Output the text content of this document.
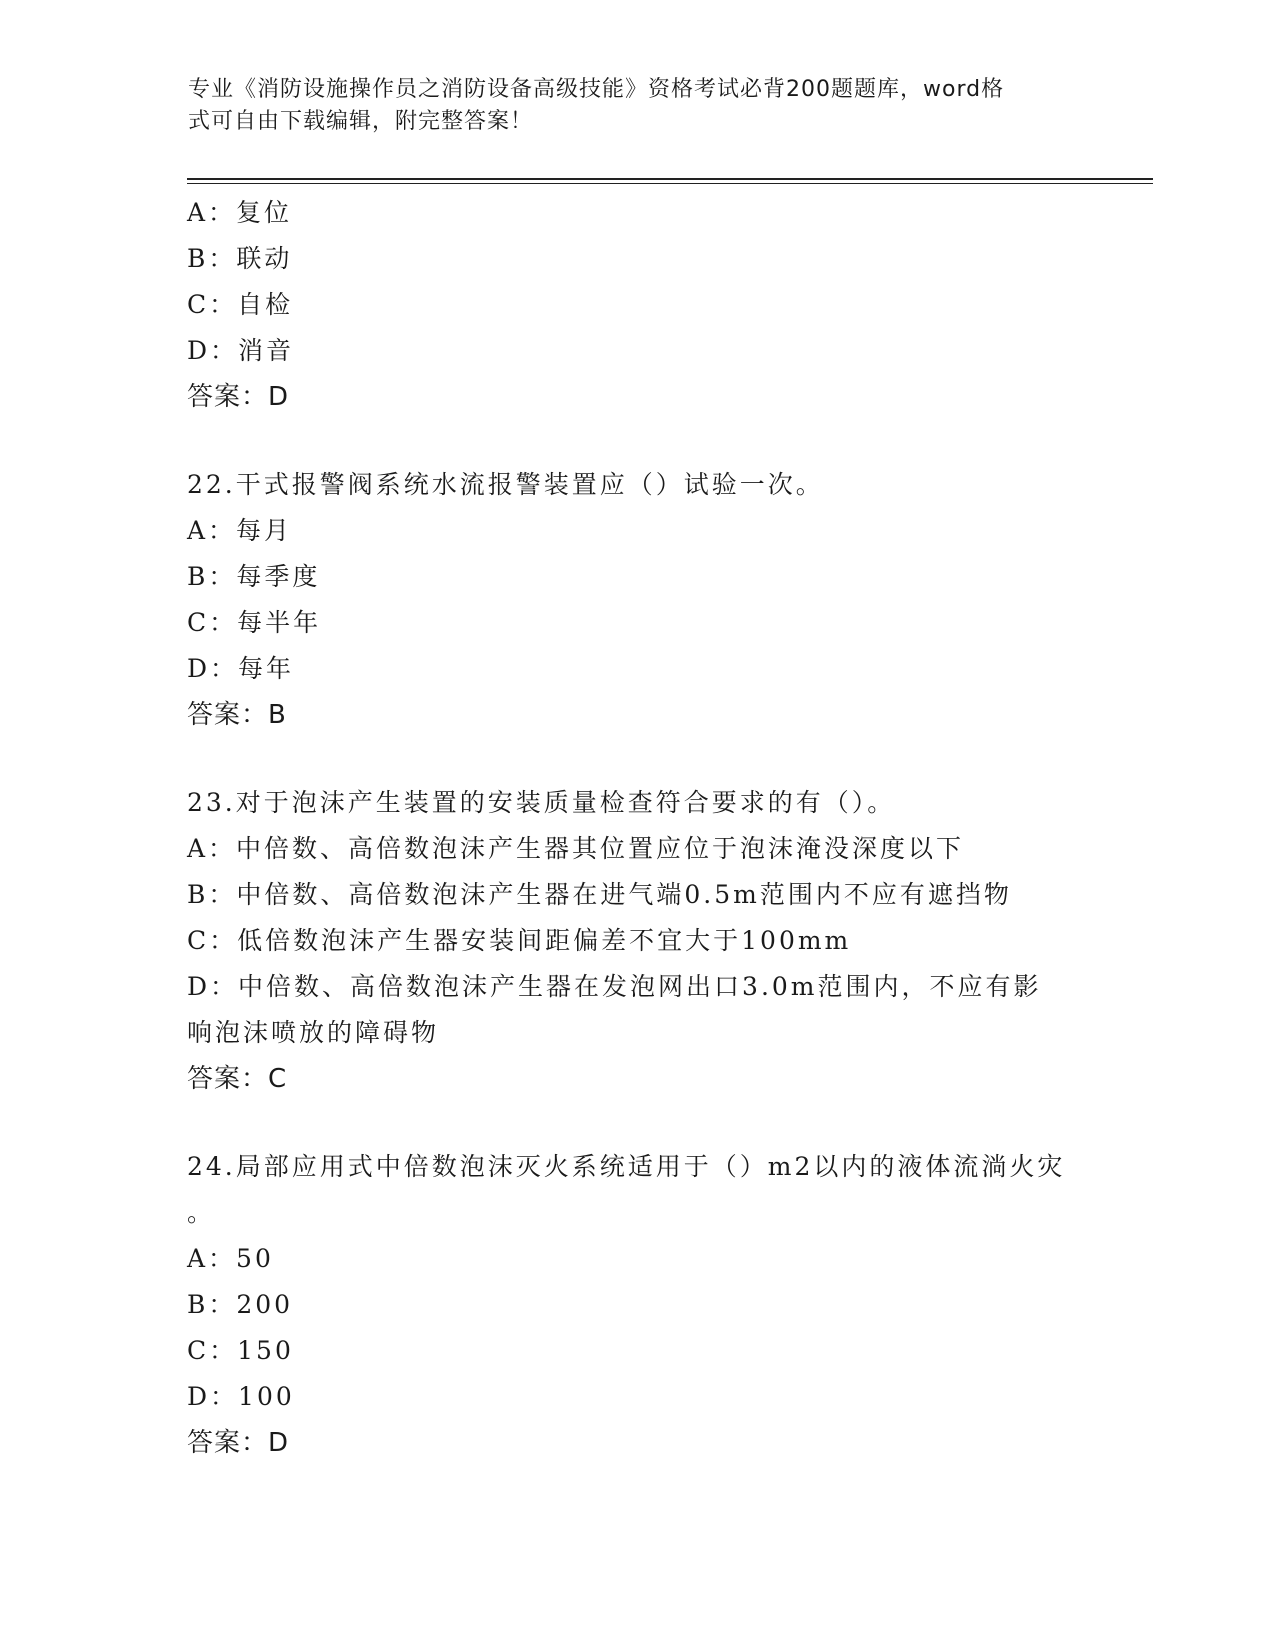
专业《消防设施操作员之消防设备高级技能》资格考试必背200题题库，word格
式可自由下载编辑，附完整答案！
A：复位
B：联动
C：自检
D：消音
答案：D
22.干式报警阀系统水流报警装置应（）试验一次。
A：每月
B：每季度
C：每半年
D：每年
答案：B
23.对于泡沫产生装置的安装质量检查符合要求的有（）。
A：中倍数、高倍数泡沫产生器其位置应位于泡沫淹没深度以下
B：中倍数、高倍数泡沫产生器在进气端0.5m范围内不应有遮挡物
C：低倍数泡沫产生器安装间距偏差不宜大于100mm
D：中倍数、高倍数泡沫产生器在发泡网出口3.0m范围内，不应有影
响泡沫喷放的障碍物
答案：C
24.局部应用式中倍数泡沫灭火系统适用于（）m2以内的液体流淌火灾
。
A：50
B：200
C：150
D：100
答案：D
